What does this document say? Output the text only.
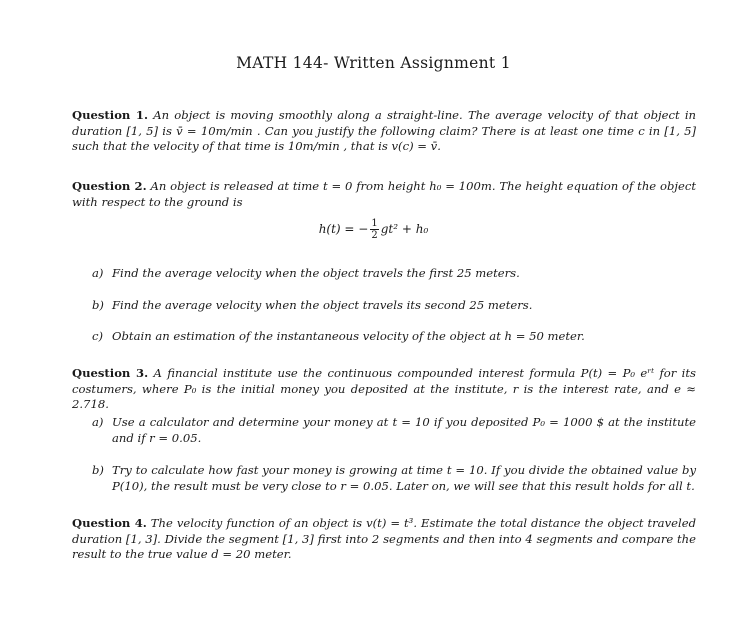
MATH 144- Written Assignment 1
Question 1. An object is moving smoothly along a straight-line. The average velocity of that object in duration [1, 5] is v̄ = 10m/min . Can you justify the following claim? There is at least one time c in [1, 5] such that the velocity of that time is 10m/min , that is v(c) = v̄.
Question 2. An object is released at time t = 0 from height h₀ = 100m. The height equation of the object with respect to the ground is
h(t) = − $\frac{1}{2} gt^2 + h_0$
a) Find the average velocity when the object travels the first 25 meters.
b) Find the average velocity when the object travels its second 25 meters.
c) Obtain an estimation of the instantaneous velocity of the object at h = 50 meter.
Question 3. A financial institute use the continuous compounded interest formula P(t) = P₀ eʳᵗ for its costumers, where P₀ is the initial money you deposited at the institute, r is the interest rate, and e ≈ 2.718.
a) Use a calculator and determine your money at t = 10 if you deposited P₀ = 1000 $ at the institute and if r = 0.05.
b) Try to calculate how fast your money is growing at time t = 10. If you divide the obtained value by P(10), the result must be very close to r = 0.05. Later on, we will see that this result holds for all t.
Question 4. The velocity function of an object is v(t) = t³. Estimate the total distance the object traveled duration [1, 3]. Divide the segment [1, 3] first into 2 segments and then into 4 segments and compare the result to the true value d = 20 meter.
